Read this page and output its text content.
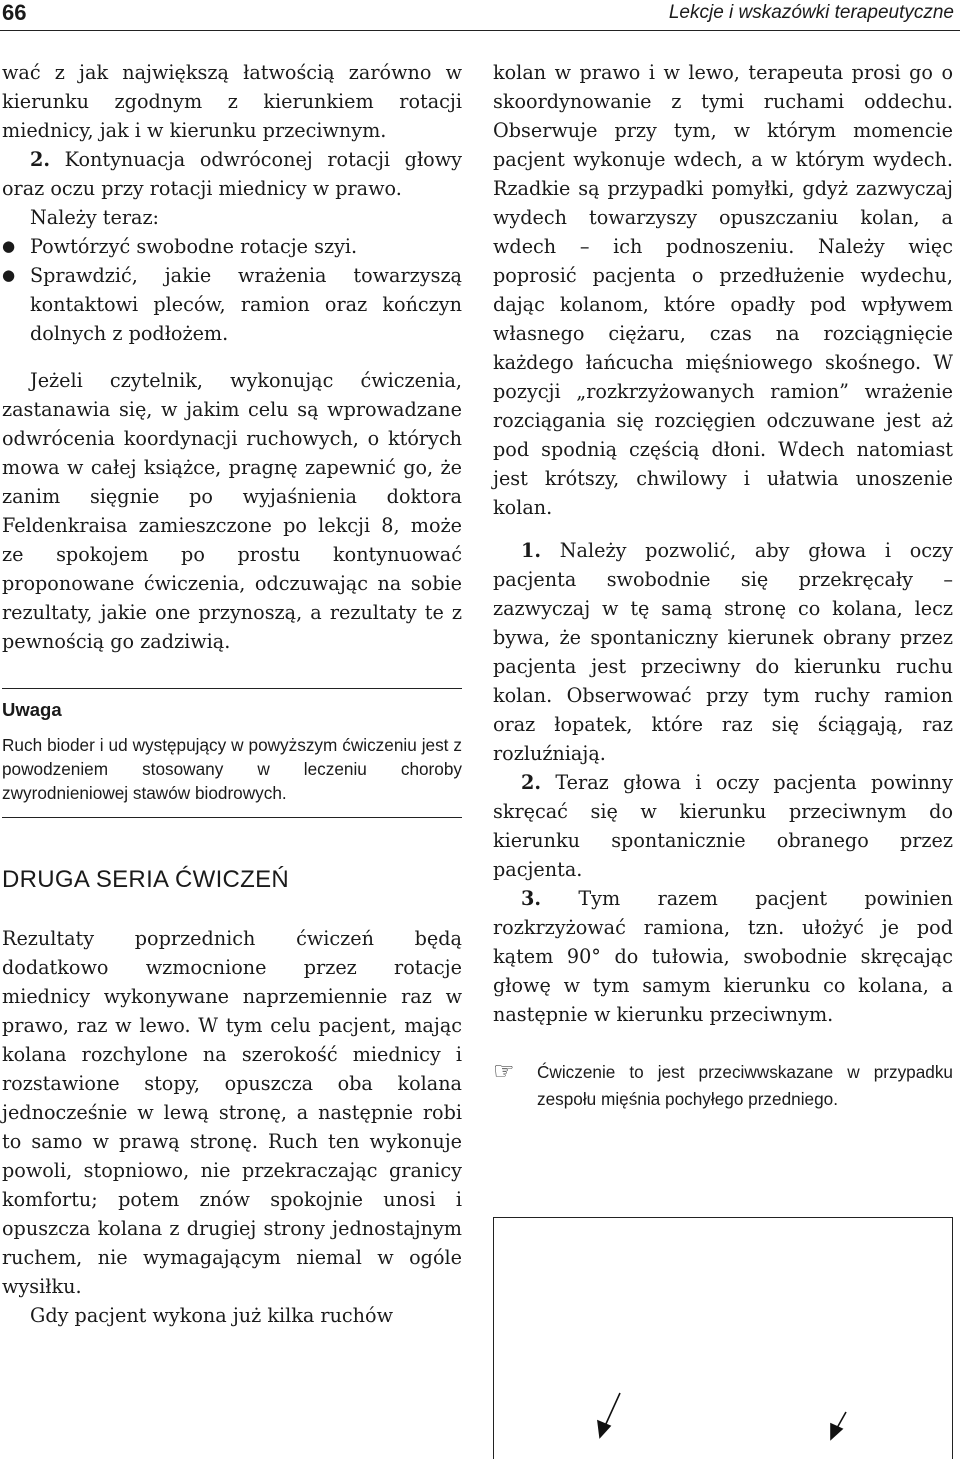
66	Lekcje i wskazówki terapeutyczne

wać z jak największą łatwością zarówno w kierunku zgodnym z kierunkiem rotacji miednicy, jak i w kierunku przeciwnym.

2. Kontynuacja odwróconej rotacji głowy oraz oczu przy rotacji miednicy w prawo.

Należy teraz:

● Powtórzyć swobodne rotacje szyi.
● Sprawdzić, jakie wrażenia towarzyszą kontaktowi pleców, ramion oraz kończyn dolnych z podłożem.

Jeżeli czytelnik, wykonując ćwiczenia, zastanawia się, w jakim celu są wprowadzane odwrócenia koordynacji ruchowych, o których mowa w całej książce, pragnę zapewnić go, że zanim sięgnie po wyjaśnienia doktora Feldenkraisa zamieszczone po lekcji 8, może ze spokojem po prostu kontynuować proponowane ćwiczenia, odczuwając na sobie rezultaty, jakie one przynoszą, a rezultaty te z pewnością go zadziwią.

Uwaga
Ruch bioder i ud występujący w powyższym ćwiczeniu jest z powodzeniem stosowany w leczeniu choroby zwyrodnieniowej stawów biodrowych.
DRUGA SERIA ĆWICZEŃ

Rezultaty poprzednich ćwiczeń będą dodatkowo wzmocnione przez rotacje miednicy wykonywane naprzemiennie raz w prawo, raz w lewo. W tym celu pacjent, mając kolana rozchylone na szerokość miednicy i rozstawione stopy, opuszcza oba kolana jednocześnie w lewą stronę, a następnie robi to samo w prawą stronę. Ruch ten wykonuje powoli, stopniowo, nie przekraczając granicy komfortu; potem znów spokojnie unosi i opuszcza kolana z drugiej strony jednostajnym ruchem, nie wymagającym niemal w ogóle wysiłku.

Gdy pacjent wykona już kilka ruchów

kolan w prawo i w lewo, terapeuta prosi go o skoordynowanie z tymi ruchami oddechu. Obserwuje przy tym, w którym momencie pacjent wykonuje wdech, a w którym wydech. Rzadkie są przypadki pomyłki, gdyż zazwyczaj wydech towarzyszy opuszczaniu kolan, a wdech – ich podnoszeniu. Należy więc poprosić pacjenta o przedłużenie wydechu, dając kolanom, które opadły pod wpływem własnego ciężaru, czas na rozciągnięcie każdego łańcucha mięśniowego skośnego. W pozycji „rozkrzyżowanych ramion” wrażenie rozciągania się rozcięgien odczuwane jest aż pod spodnią częścią dłoni. Wdech natomiast jest krótszy, chwilowy i ułatwia unoszenie kolan.

1. Należy pozwolić, aby głowa i oczy pacjenta swobodnie się przekręcały – zazwyczaj w tę samą stronę co kolana, lecz bywa, że spontaniczny kierunek obrany przez pacjenta jest przeciwny do kierunku ruchu kolan. Obserwować przy tym ruchy ramion oraz łopatek, które raz się ściągają, raz rozluźniają.

2. Teraz głowa i oczy pacjenta powinny skręcać się w kierunku przeciwnym do kierunku spontanicznie obranego przez pacjenta.

3. Tym razem pacjent powinien rozkrzyżować ramiona, tzn. ułożyć je pod kątem 90° do tułowia, swobodnie skręcając głowę w tym samym kierunku co kolana, a następnie w kierunku przeciwnym.

☞	Ćwiczenie to jest przeciwwskazane w przypadku zespołu mięśnia pochyłego przedniego.
